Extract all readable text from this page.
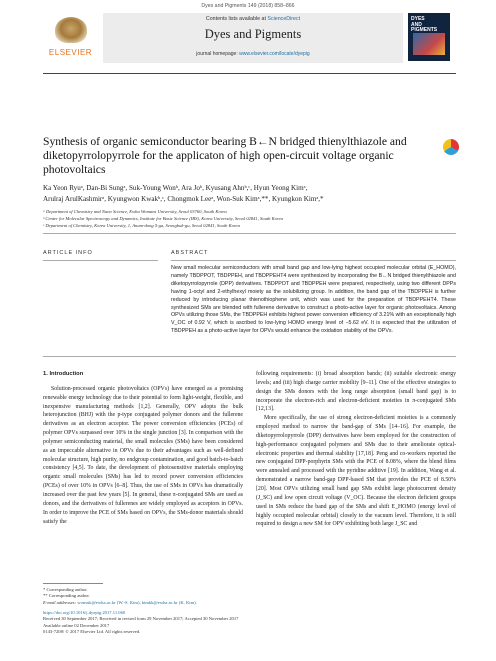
Dyes and Pigments 149 (2018) 858–866
ELSEVIER
Contents lists available at ScienceDirect
Dyes and Pigments
journal homepage: www.elsevier.com/locate/dyepig
DYES
AND
PIGMENTS
Synthesis of organic semiconductor bearing B←N bridged thienylthiazole and diketopyrrolopyrrole for the applicaton of high open-circuit voltage organic photovoltaics
Ka Yeon Ryuᵃ, Dan-Bi Sungᵃ, Suk-Young Wonᵇ, Ara Joᵇ, Kyusang Ahnᵇ,ᶜ, Hyun Yeong Kimᵃ,
Arulraj ArulKashmirᵃ, Kyungwon Kwakᵇ,ᶜ, Chongmok Leeᵃ, Won-Suk Kimᵃ,**, Kyungkon Kimᵃ,*
ᵃ Department of Chemistry and Nano Science, Ewha Womans University, Seoul 03760, South Korea
ᵇ Center for Molecular Spectroscopy and Dynamics, Institute for Basic Science (IBS), Korea University, Seoul 02841, South Korea
ᶜ Department of Chemistry, Korea University, 1, Anam-dong 5-ga, Seongbuk-gu, Seoul 02841, South Korea
ARTICLE INFO	ABSTRACT
New small molecular semiconductors with small band gap and low-lying highest occupied molecular orbital (E_HOMO), namely TBDPPOT, TBDPPEH, and TBDPPEHT4 were synthesized by incorporating the B←N bridged thienylthiazole and diketopyrrolopyrrole (DPP) derivatives. TBDPPOT and TBDPPEH were prepared, respectively, using two different DPPs having 1-octyl and 2-ethylhexyl moiety as the solubilizing group. In addition, the band gap of the TBDPPEH is further reduced by introducing planar thienothiophene unit, which was used for the preparation of TBDPPEHT4. These synthesized SMs are blended with fullerene derivative to construct a photo-active layer for organic photovoltaics. Among OPVs utilizing those SMs, the TBDPPEH exhibits highest power conversion efficiency of 3.21% with an exceptionally high V_OC of 0.92 V, which is ascribed to low-lying HOMO energy level of −5.62 eV. It is expected that the utilization of TBDPPEH as a photo-active layer for OPVs would enhance the oxidation stability of the OPVs.
1. Introduction

Solution-processed organic photovoltaics (OPVs) have emerged as a promising renewable energy technology due to their potential to form light-weight, flexible, and inexpensive manufacturing methods [1,2]. Generally, OPV adopts the bulk heterojunction (BHJ) with the p-type conjugated polymer donors and the fullerene derivatives as an electron acceptor. The power conversion efficiencies (PCEs) of polymer OPVs surpassed over 10% in the single junction [3]. In comparison with the polymer semiconducting material, the small molecules (SMs) have been considered as an impeccable alternative in OPVs due to their advantages such as well-defined molecular structure, high purity, no endgroup contamination, and good batch-to-batch consistency [4,5]. To date, the development of photosensitive materials employing organic small molecules (SMs) has led to record power conversion efficiencies (PCEs) of over 10% in OPVs [6–8]. Thus, the use of SMs in OPVs has dramatically increased over the past few years [5]. In general, these π-conjugated SMs are used as donors, and the derivatives of fullerenes are widely employed as acceptors in OPVs. In order to improve the PCE of SMs based on OPVs, the SMs-donor materials should satisfy the

following requirements: (i) broad absorption bands; (ii) suitable electronic energy levels; and (iii) high charge carrier mobility [9–11]. One of the effective strategies to design the SMs donors with the long range absorption (small band gap) is to incorporate the electron-rich and electron-deficient moieties in π-conjugated SMs [12,13].

More specifically, the use of strong electron-deficient moieties is a commonly employed method to narrow the band-gap of SMs [14–16]. For example, the diketopyrrolopyrrole (DPP) derivatives have been employed for the construction of high-performance conjugated polymers and SMs due to their ameliorate optical-electronic properties and thermal stability [17,18]. Peng and co-workers reported the new conjugated DPP-porphyrin SMs with the PCE of 8.08%, where the blend films were annealed and processed with the pyridine additive [19]. In addition, Wang et al. demonstrated a narrow band-gap DPP-based SM that provides the PCE of 8.50% [20]. Most OPVs utilizing small band gap SMs exhibit large photocurrent density (J_SC) and low open circuit voltage (V_OC). Because the electron deficient groups used in SMs reduce the band gap of the SMs and shift E_HOMO (energy level of highly occupied molecular orbital) closely to the vacuum level. Therefore, it is still required to design a new SM for OPV exhibiting both large J_SC and

* Corresponding author.
** Corresponding author.
E-mail addresses: wonsuk@ewha.ac.kr (W.-S. Kim), kimkk@ewha.ac.kr (K. Kim).
https://doi.org/10.1016/j.dyepig.2017.11.060
Received 30 September 2017; Received in revised form 29 November 2017; Accepted 30 November 2017
Available online 02 December 2017
0143-7208/ © 2017 Elsevier Ltd. All rights reserved.
